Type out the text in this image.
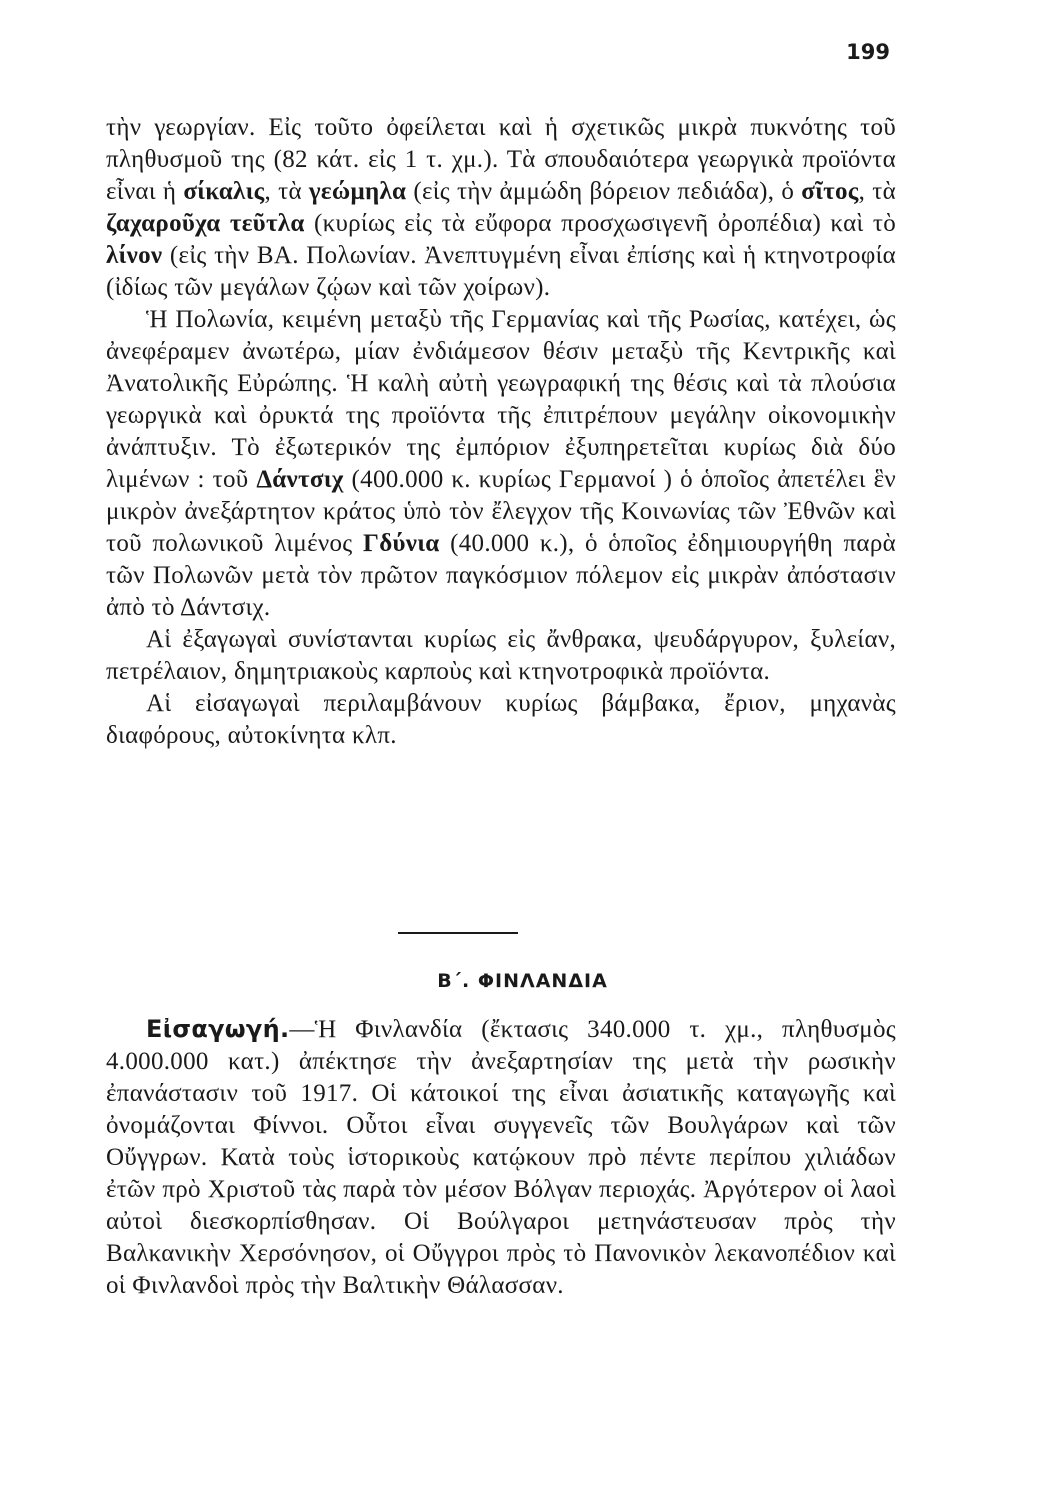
199

τὴν γεωργίαν. Εἰς τοῦτο ὀφείλεται καὶ ἡ σχετικῶς μικρὰ πυκνότης τοῦ πληθυσμοῦ της (82 κάτ. εἰς 1 τ. χμ.). Τὰ σπουδαιότερα γεωργικὰ προϊόντα εἶναι ἡ σίκαλις, τὰ γεώμηλα (εἰς τὴν ἀμμώδη βόρειον πεδιάδα), ὁ σῖτος, τὰ ζαχαροῦχα τεῦτλα (κυρίως εἰς τὰ εὔφορα προσχωσιγενῆ ὀροπέδια) καὶ τὸ λίνον (εἰς τὴν ΒΑ. Πολωνίαν. Ἀνεπτυγμένη εἶναι ἐπίσης καὶ ἡ κτηνοτροφία (ἰδίως τῶν μεγάλων ζῴων καὶ τῶν χοίρων).

Ἡ Πολωνία, κειμένη μεταξὺ τῆς Γερμανίας καὶ τῆς Ρωσίας, κατέχει, ὡς ἀνεφέραμεν ἀνωτέρω, μίαν ἐνδιάμεσον θέσιν μεταξὺ τῆς Κεντρικῆς καὶ Ἀνατολικῆς Εὐρώπης. Ἡ καλὴ αὐτὴ γεωγραφική της θέσις καὶ τὰ πλούσια γεωργικὰ καὶ ὀρυκτά της προϊόντα τῆς ἐπιτρέπουν μεγάλην οἰκονομικὴν ἀνάπτυξιν. Τὸ ἐξωτερικόν της ἐμπόριον ἐξυπηρετεῖται κυρίως διὰ δύο λιμένων : τοῦ Δάντσιχ (400.000 κ. κυρίως Γερμανοί ) ὁ ὁποῖος ἀπετέλει ἓν μικρὸν ἀνεξάρτητον κράτος ὑπὸ τὸν ἔλεγχον τῆς Κοινωνίας τῶν Ἐθνῶν καὶ τοῦ πολωνικοῦ λιμένος Γδύνια (40.000 κ.), ὁ ὁποῖος ἐδημιουργήθη παρὰ τῶν Πολωνῶν μετὰ τὸν πρῶτον παγκόσμιον πόλεμον εἰς μικρὰν ἀπόστασιν ἀπὸ τὸ Δάντσιχ.

Αἱ ἐξαγωγαὶ συνίστανται κυρίως εἰς ἄνθρακα, ψευδάργυρον, ξυλείαν, πετρέλαιον, δημητριακοὺς καρποὺς καὶ κτηνοτροφικὰ προϊόντα.

Αἱ εἰσαγωγαὶ περιλαμβάνουν κυρίως βάμβακα, ἔριον, μηχανὰς διαφόρους, αὐτοκίνητα κλπ.

Β΄. ΦΙΝΛΑΝΔΙΑ

Εἰσαγωγή.—Ἡ Φινλανδία (ἔκτασις 340.000 τ. χμ., πληθυσμὸς 4.000.000 κατ.) ἀπέκτησε τὴν ἀνεξαρτησίαν της μετὰ τὴν ρωσικὴν ἐπανάστασιν τοῦ 1917. Οἱ κάτοικοί της εἶναι ἀσιατικῆς καταγωγῆς καὶ ὀνομάζονται Φίννοι. Οὗτοι εἶναι συγγενεῖς τῶν Βουλγάρων καὶ τῶν Οὔγγρων. Κατὰ τοὺς ἱστορικοὺς κατῴκουν πρὸ πέντε περίπου χιλιάδων ἐτῶν πρὸ Χριστοῦ τὰς παρὰ τὸν μέσον Βόλγαν περιοχάς. Ἀργότερον οἱ λαοὶ αὐτοὶ διεσκορπίσθησαν. Οἱ Βούλγαροι μετηνάστευσαν πρὸς τὴν Βαλκανικὴν Χερσόνησον, οἱ Οὔγγροι πρὸς τὸ Πανονικὸν λεκανοπέδιον καὶ οἱ Φινλανδοὶ πρὸς τὴν Βαλτικὴν Θάλασσαν.
